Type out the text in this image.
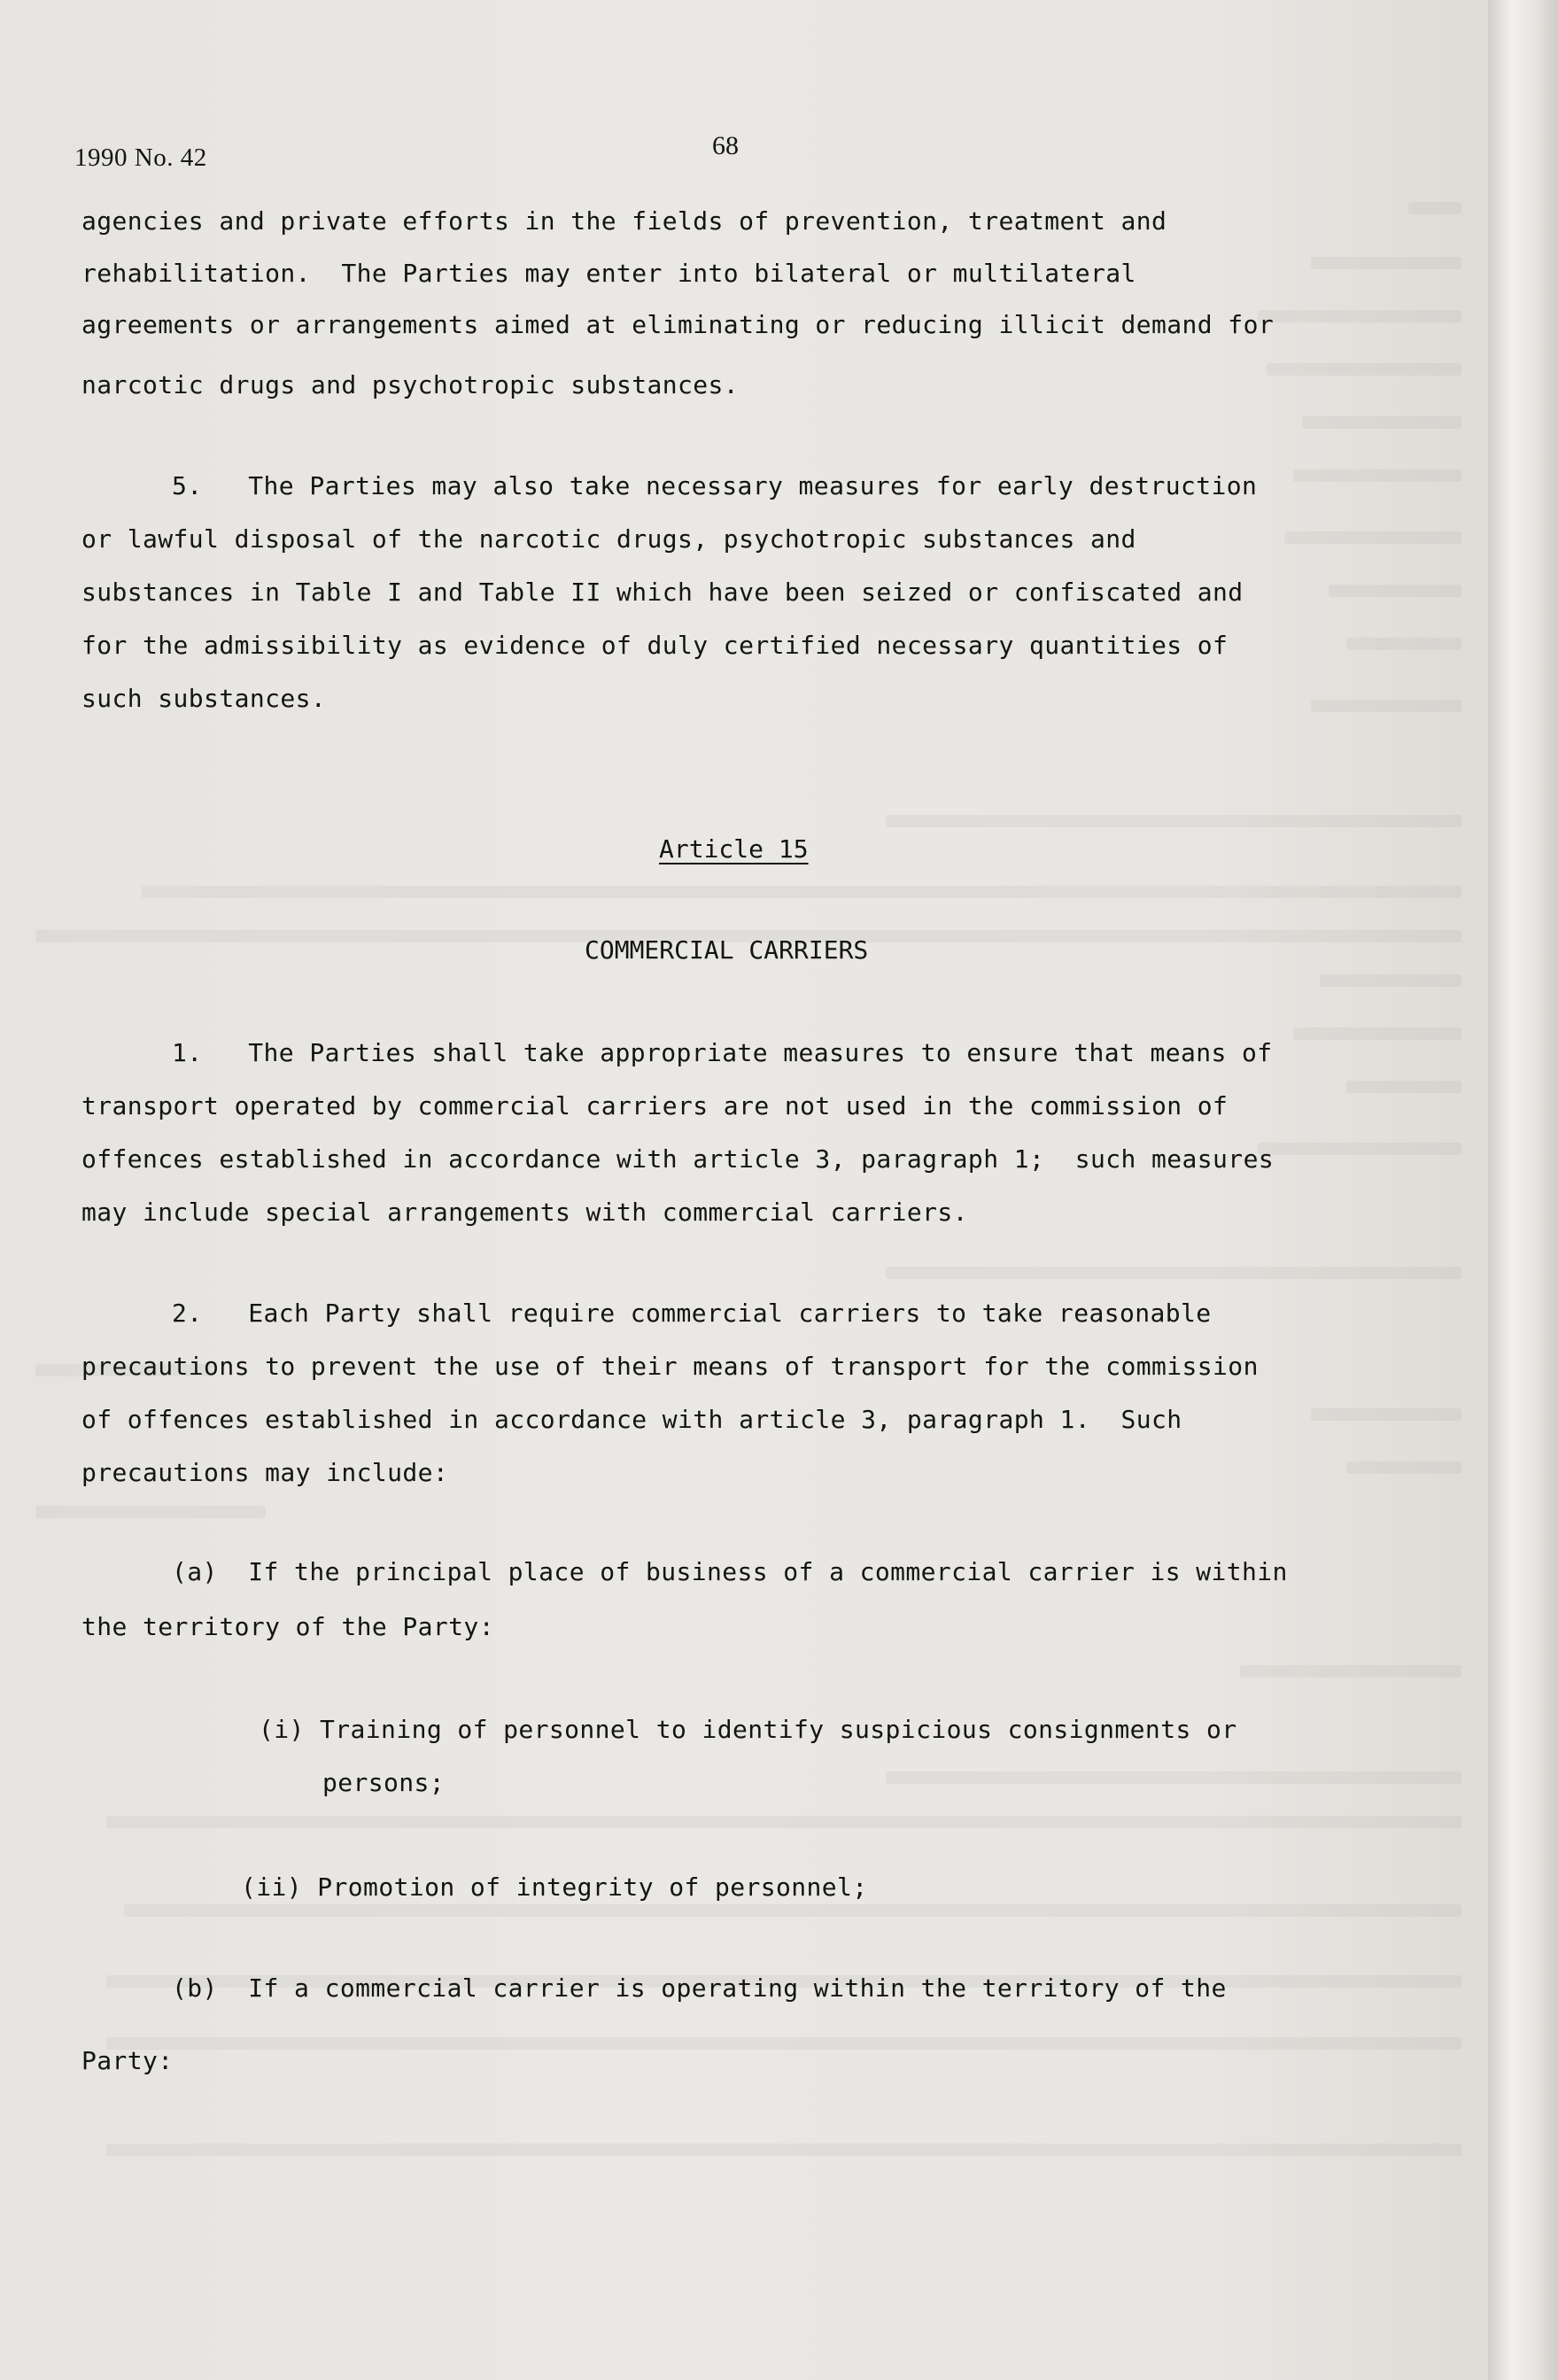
1990 No. 42	68
agencies and private efforts in the fields of prevention, treatment and
rehabilitation.  The Parties may enter into bilateral or multilateral
agreements or arrangements aimed at eliminating or reducing illicit demand for
narcotic drugs and psychotropic substances.
5.   The Parties may also take necessary measures for early destruction
or lawful disposal of the narcotic drugs, psychotropic substances and
substances in Table I and Table II which have been seized or confiscated and
for the admissibility as evidence of duly certified necessary quantities of
such substances.
Article 15
COMMERCIAL CARRIERS
1.   The Parties shall take appropriate measures to ensure that means of
transport operated by commercial carriers are not used in the commission of
offences established in accordance with article 3, paragraph 1;  such measures
may include special arrangements with commercial carriers.
2.   Each Party shall require commercial carriers to take reasonable
precautions to prevent the use of their means of transport for the commission
of offences established in accordance with article 3, paragraph 1.  Such
precautions may include:
(a)  If the principal place of business of a commercial carrier is within
the territory of the Party:
(i) Training of personnel to identify suspicious consignments or
persons;
(ii) Promotion of integrity of personnel;
(b)  If a commercial carrier is operating within the territory of the
Party:
